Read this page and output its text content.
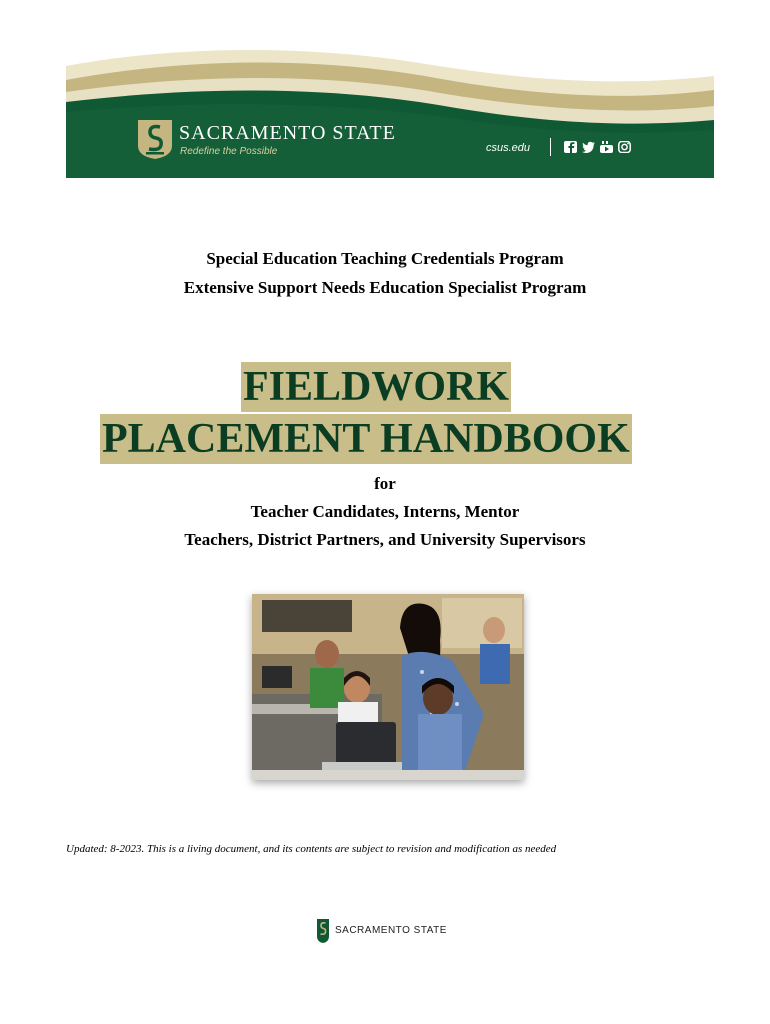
SACRAMENTO STATE
Redefine the Possible	csus.edu
Special Education Teaching Credentials Program
Extensive Support Needs Education Specialist Program
FIELDWORK
PLACEMENT HANDBOOK
for
Teacher Candidates, Interns, Mentor
Teachers, District Partners, and University Supervisors
Updated: 8-2023. This is a living document, and its contents are subject to revision and modification as needed
SACRAMENTO STATE
